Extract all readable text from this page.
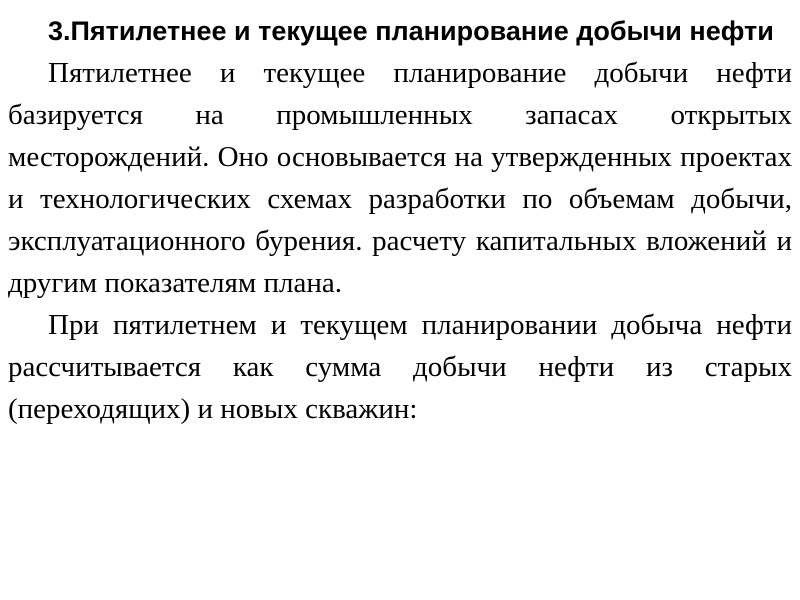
3.Пятилетнее и текущее планирование добычи нефти

Пятилетнее и текущее планирование добычи нефти базируется на промышленных запасах открытых месторождений. Оно основывается на утвержденных проектах и технологических схемах разработки по объемам добычи, эксплуатационного бурения. расчету капитальных вложений и другим показателям плана.

При пятилетнем и текущем планировании добыча нефти рассчитывается как сумма добычи нефти из старых (переходящих) и новых скважин:
